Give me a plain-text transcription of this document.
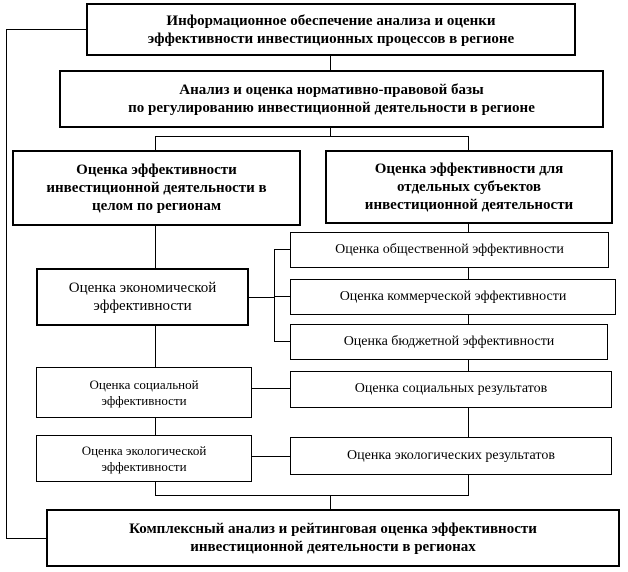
Информационное обеспечение анализа и оценки
эффективности инвестиционных процессов в регионе
Анализ и оценка нормативно-правовой базы
по регулированию инвестиционной деятельности в регионе
Оценка эффективности
инвестиционной деятельности в
целом по регионам
Оценка эффективности для
отдельных субъектов
инвестиционной деятельности
Оценка экономической
эффективности
Оценка общественной эффективности
Оценка коммерческой эффективности
Оценка бюджетной эффективности
Оценка социальной
эффективности
Оценка социальных результатов
Оценка экологической
эффективности
Оценка экологических результатов
Комплексный анализ и рейтинговая оценка эффективности
инвестиционной деятельности в регионах
